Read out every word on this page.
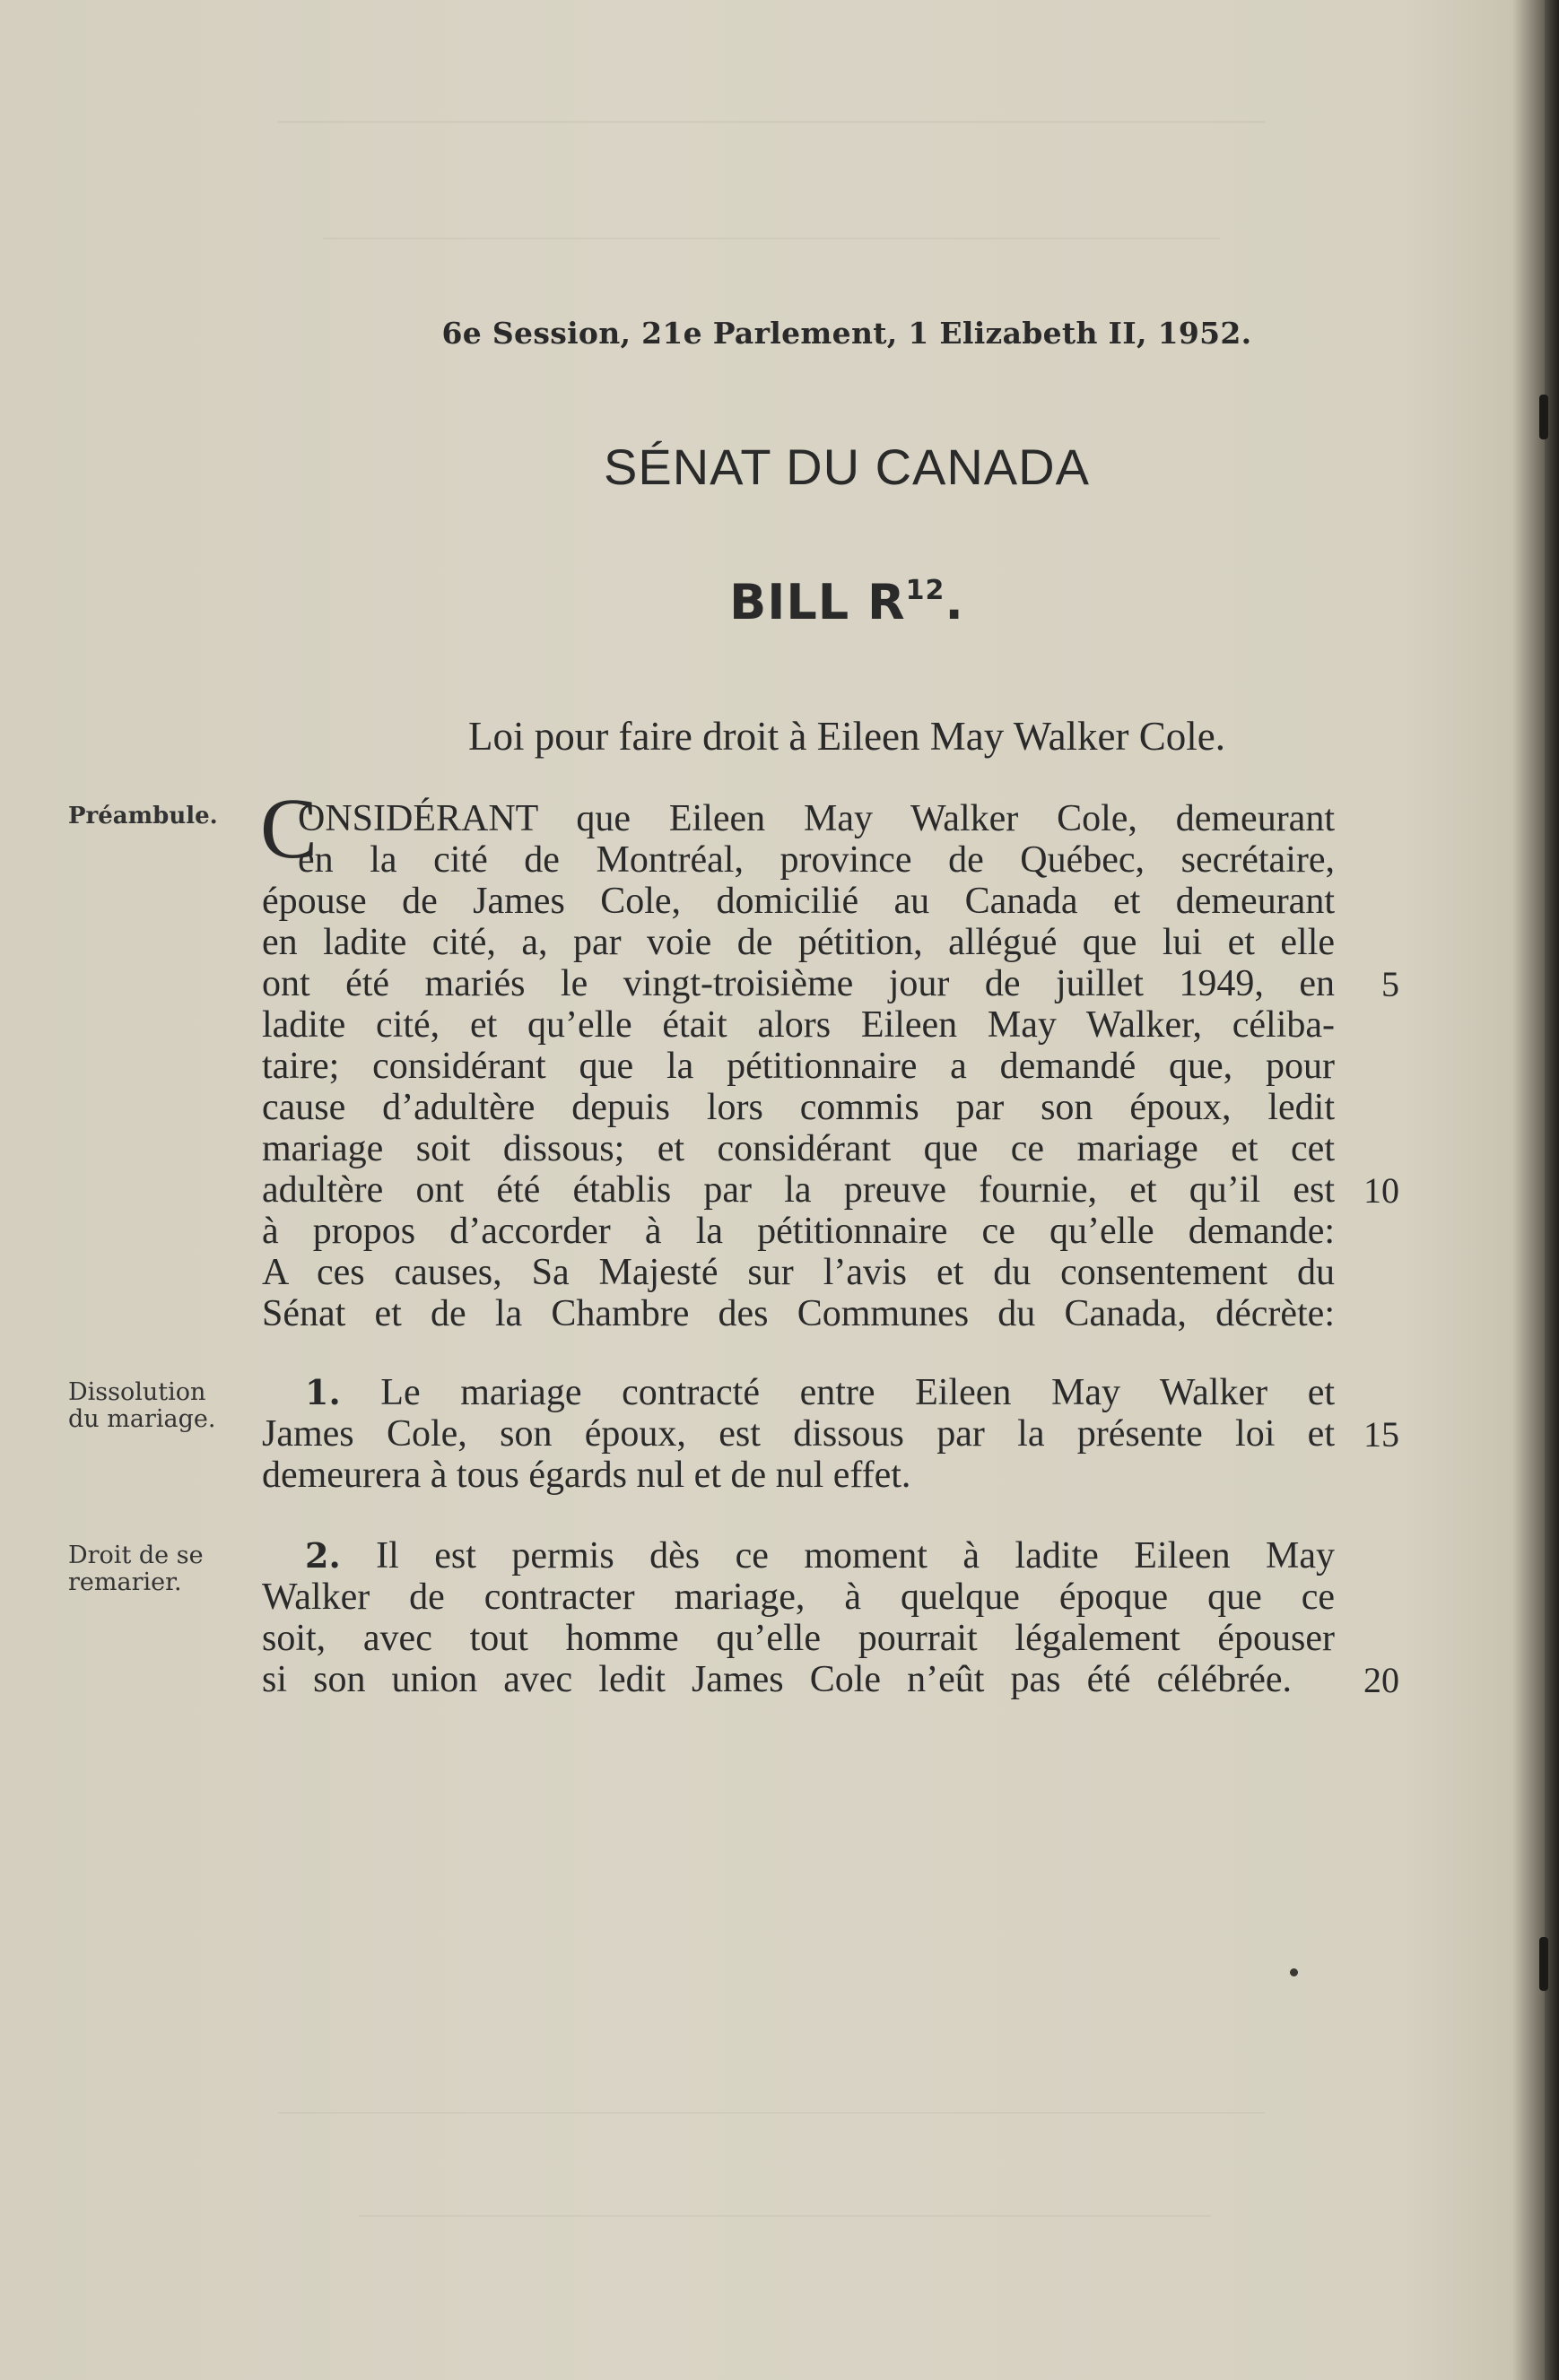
6e Session, 21e Parlement, 1 Elizabeth II, 1952.
SÉNAT DU CANADA
BILL $R^{12}$.
Loi pour faire droit à Eileen May Walker Cole.
Préambule.
Dissolution
du mariage.
Droit de se
remarier.
C
ONSIDÉRANT que Eileen May Walker Cole, demeurant
en la cité de Montréal, province de Québec, secrétaire,
épouse de James Cole, domicilié au Canada et demeurant
en ladite cité, a, par voie de pétition, allégué que lui et elle
ont été mariés le vingt-troisième jour de juillet 1949, en
ladite cité, et qu’elle était alors Eileen May Walker, céliba-
taire; considérant que la pétitionnaire a demandé que, pour
cause d’adultère depuis lors commis par son époux, ledit
mariage soit dissous; et considérant que ce mariage et cet
adultère ont été établis par la preuve fournie, et qu’il est
à propos d’accorder à la pétitionnaire ce qu’elle demande:
A ces causes, Sa Majesté sur l’avis et du consentement du
Sénat et de la Chambre des Communes du Canada, décrète:
1. Le mariage contracté entre Eileen May Walker et
James Cole, son époux, est dissous par la présente loi et
demeurera à tous égards nul et de nul effet.
2. Il est permis dès ce moment à ladite Eileen May
Walker de contracter mariage, à quelque époque que ce
soit, avec tout homme qu’elle pourrait légalement épouser
si son union avec ledit James Cole n’eût pas été célébrée.
5
10
15
20
